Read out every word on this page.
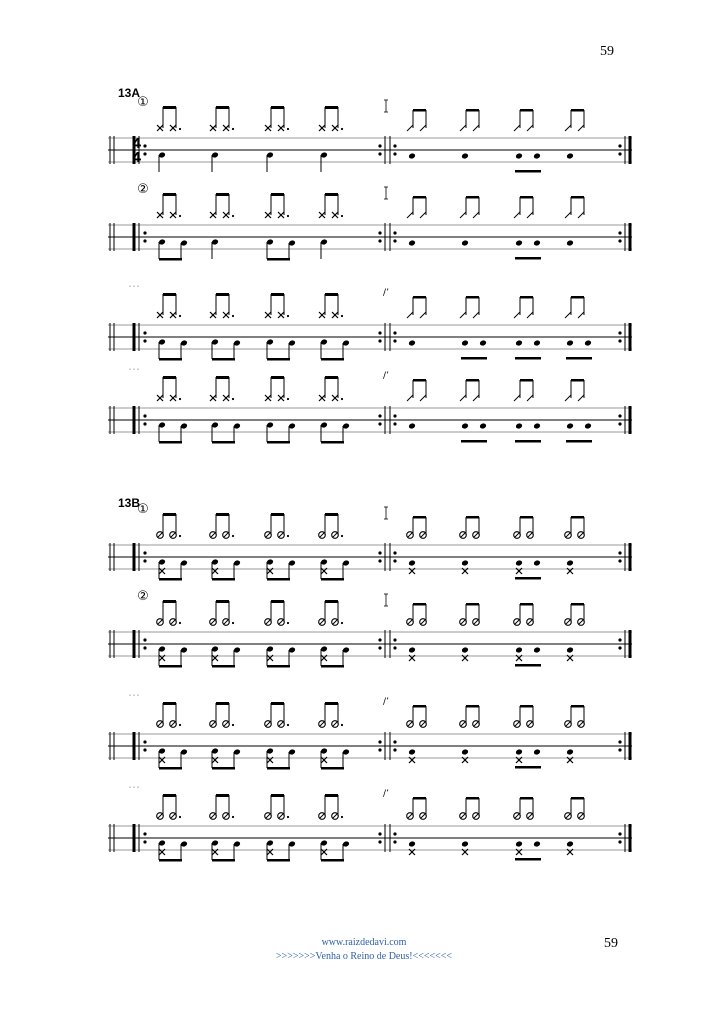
59
13A
13B
4
4
①
②
˙˙˙	∕’
˙˙˙	∕’
①
②
˙˙˙	∕’
˙˙˙	∕’
www.raizdedavi.com
>>>>>>>Venha o Reino de Deus!<<<<<<<
59
